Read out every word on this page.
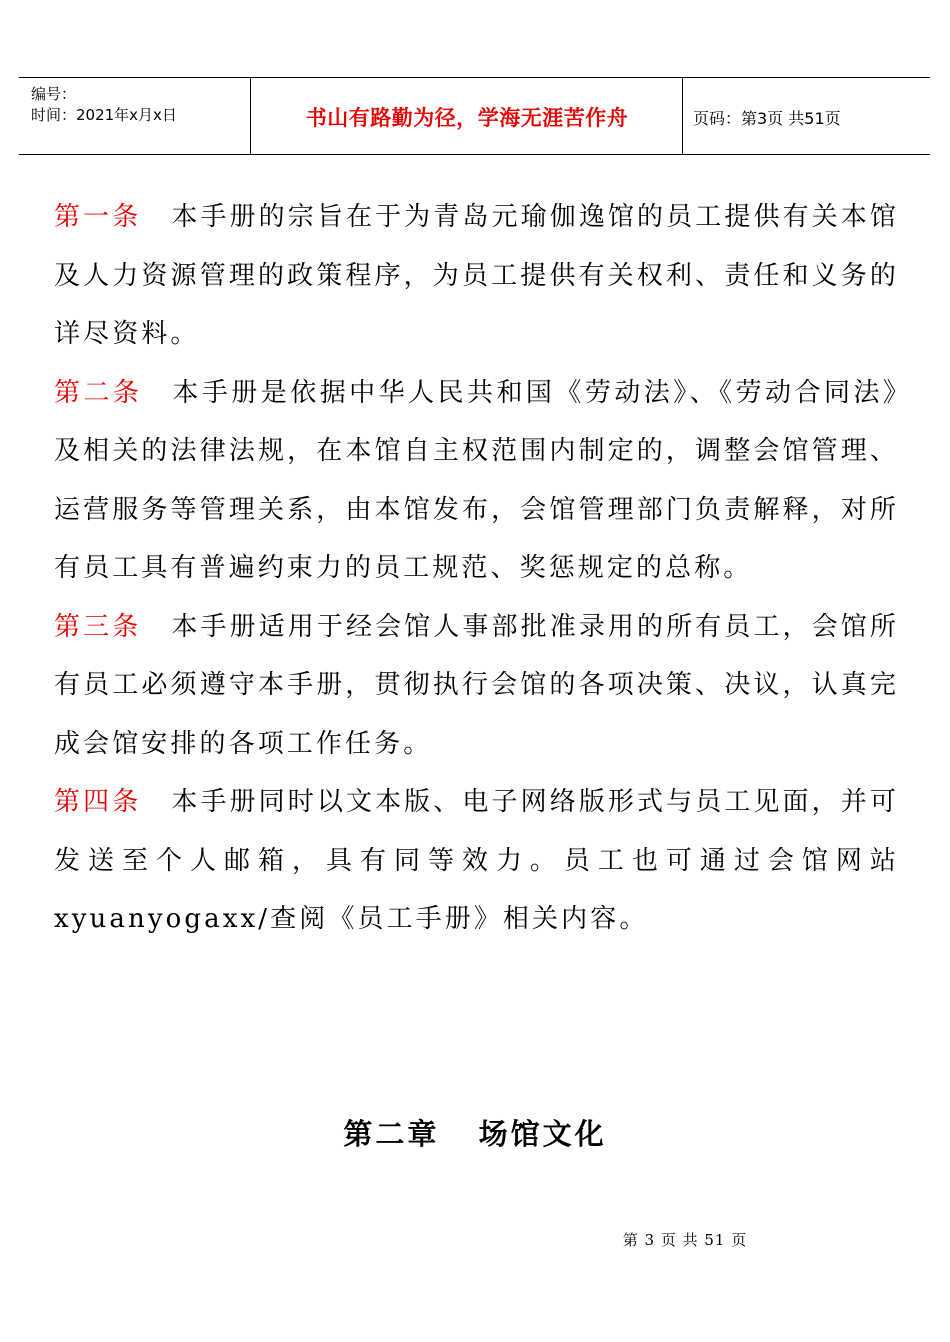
编号：
时间：2021年x月x日	书山有路勤为径，学海无涯苦作舟	页码：第3页 共51页

第一条 本手册的宗旨在于为青岛元瑜伽逸馆的员工提供有关本馆及人力资源管理的政策程序，为员工提供有关权利、责任和义务的详尽资料。

第二条 本手册是依据中华人民共和国《劳动法》、《劳动合同法》及相关的法律法规，在本馆自主权范围内制定的，调整会馆管理、运营服务等管理关系，由本馆发布，会馆管理部门负责解释，对所有员工具有普遍约束力的员工规范、奖惩规定的总称。

第三条 本手册适用于经会馆人事部批准录用的所有员工，会馆所有员工必须遵守本手册，贯彻执行会馆的各项决策、决议，认真完成会馆安排的各项工作任务。

第四条 本手册同时以文本版、电子网络版形式与员工见面，并可发送至个人邮箱，具有同等效力。员工也可通过会馆网站xyuanyogaxx/查阅《员工手册》相关内容。

第二章   场馆文化
第 3 页 共 51 页
